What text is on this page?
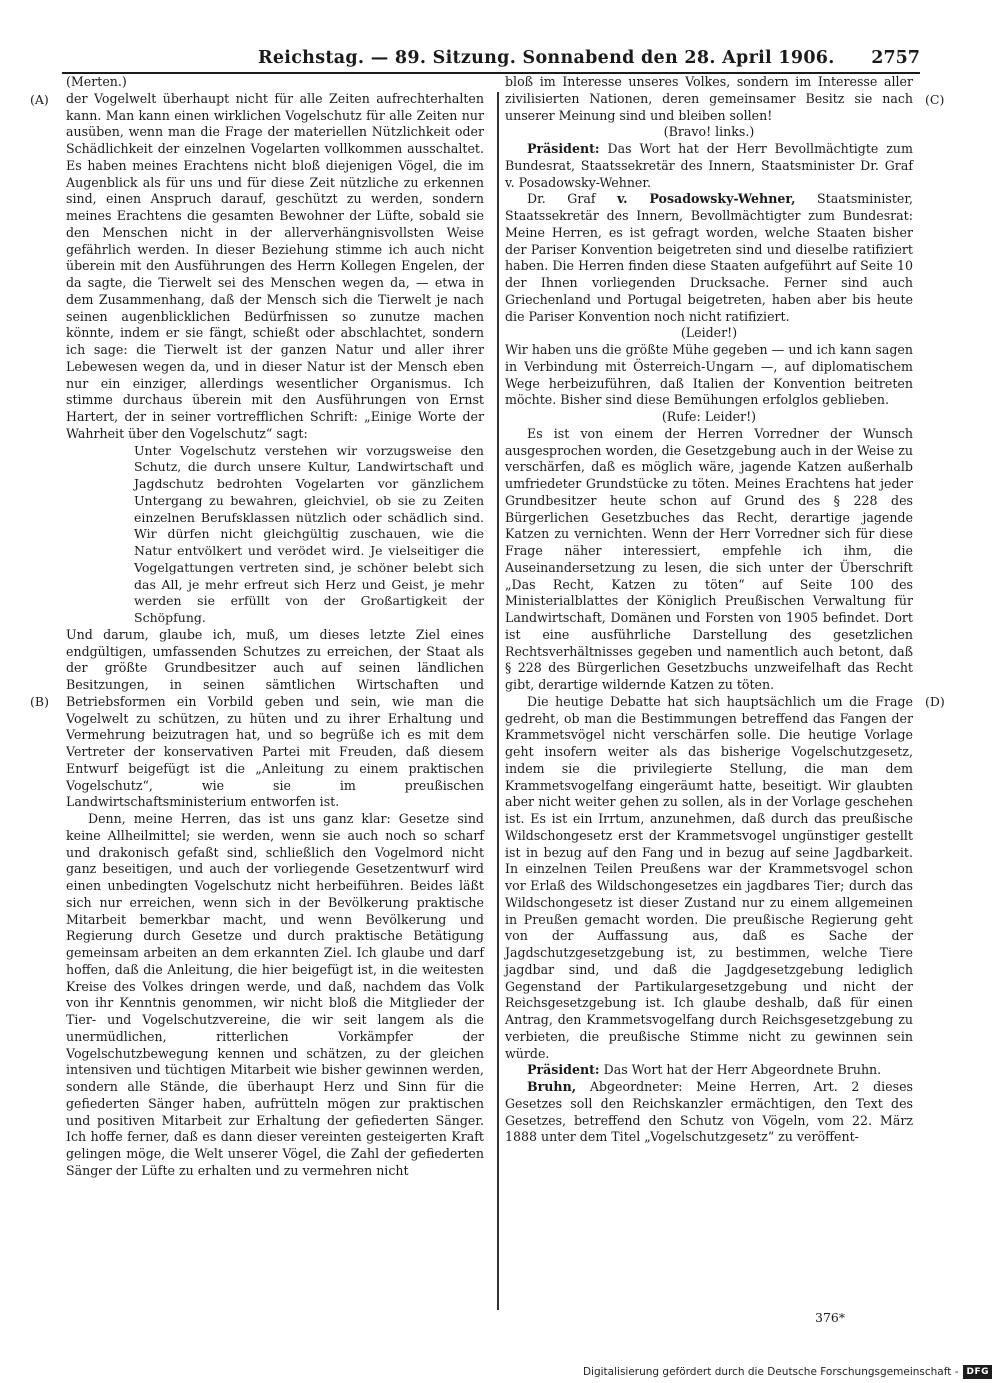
Reichstag. — 89. Sitzung. Sonnabend den 28. April 1906. 2757
(A)
(B)
(C)
(D)

(Merten.)

der Vogelwelt überhaupt nicht für alle Zeiten aufrechterhalten kann. Man kann einen wirklichen Vogelschutz für alle Zeiten nur ausüben, wenn man die Frage der materiellen Nützlichkeit oder Schädlichkeit der einzelnen Vogelarten vollkommen ausschaltet. Es haben meines Erachtens nicht bloß diejenigen Vögel, die im Augenblick als für uns und für diese Zeit nützliche zu erkennen sind, einen Anspruch darauf, geschützt zu werden, sondern meines Erachtens die gesamten Bewohner der Lüfte, sobald sie den Menschen nicht in der allerverhängnisvollsten Weise gefährlich werden. In dieser Beziehung stimme ich auch nicht überein mit den Ausführungen des Herrn Kollegen Engelen, der da sagte, die Tierwelt sei des Menschen wegen da, — etwa in dem Zusammenhang, daß der Mensch sich die Tierwelt je nach seinen augenblicklichen Bedürfnissen so zunutze machen könnte, indem er sie fängt, schießt oder abschlachtet, sondern ich sage: die Tierwelt ist der ganzen Natur und aller ihrer Lebewesen wegen da, und in dieser Natur ist der Mensch eben nur ein einziger, allerdings wesentlicher Organismus. Ich stimme durchaus überein mit den Ausführungen von Ernst Hartert, der in seiner vortrefflichen Schrift: „Einige Worte der Wahrheit über den Vogelschutz“ sagt:

Unter Vogelschutz verstehen wir vorzugsweise den Schutz, die durch unsere Kultur, Landwirtschaft und Jagdschutz bedrohten Vogelarten vor gänzlichem Untergang zu bewahren, gleichviel, ob sie zu Zeiten einzelnen Berufsklassen nützlich oder schädlich sind. Wir dürfen nicht gleichgültig zuschauen, wie die Natur entvölkert und verödet wird. Je vielseitiger die Vogelgattungen vertreten sind, je schöner belebt sich das All, je mehr erfreut sich Herz und Geist, je mehr werden sie erfüllt von der Großartigkeit der Schöpfung.

Und darum, glaube ich, muß, um dieses letzte Ziel eines endgültigen, umfassenden Schutzes zu erreichen, der Staat als der größte Grundbesitzer auch auf seinen ländlichen Besitzungen, in seinen sämtlichen Wirtschaften und Betriebsformen ein Vorbild geben und sein, wie man die Vogelwelt zu schützen, zu hüten und zu ihrer Erhaltung und Vermehrung beizutragen hat, und so begrüße ich es mit dem Vertreter der konservativen Partei mit Freuden, daß diesem Entwurf beigefügt ist die „Anleitung zu einem praktischen Vogelschutz“, wie sie im preußischen Landwirtschaftsministerium entworfen ist.

Denn, meine Herren, das ist uns ganz klar: Gesetze sind keine Allheilmittel; sie werden, wenn sie auch noch so scharf und drakonisch gefaßt sind, schließlich den Vogelmord nicht ganz beseitigen, und auch der vorliegende Gesetzentwurf wird einen unbedingten Vogelschutz nicht herbeiführen. Beides läßt sich nur erreichen, wenn sich in der Bevölkerung praktische Mitarbeit bemerkbar macht, und wenn Bevölkerung und Regierung durch Gesetze und durch praktische Betätigung gemeinsam arbeiten an dem erkannten Ziel. Ich glaube und darf hoffen, daß die Anleitung, die hier beigefügt ist, in die weitesten Kreise des Volkes dringen werde, und daß, nachdem das Volk von ihr Kenntnis genommen, wir nicht bloß die Mitglieder der Tier- und Vogelschutzvereine, die wir seit langem als die unermüdlichen, ritterlichen Vorkämpfer der Vogelschutzbewegung kennen und schätzen, zu der gleichen intensiven und tüchtigen Mitarbeit wie bisher gewinnen werden, sondern alle Stände, die überhaupt Herz und Sinn für die gefiederten Sänger haben, aufrütteln mögen zur praktischen und positiven Mitarbeit zur Erhaltung der gefiederten Sänger. Ich hoffe ferner, daß es dann dieser vereinten gesteigerten Kraft gelingen möge, die Welt unserer Vögel, die Zahl der gefiederten Sänger der Lüfte zu erhalten und zu vermehren nicht

bloß im Interesse unseres Volkes, sondern im Interesse aller zivilisierten Nationen, deren gemeinsamer Besitz sie nach unserer Meinung sind und bleiben sollen!

(Bravo! links.)

Präsident: Das Wort hat der Herr Bevollmächtigte zum Bundesrat, Staatssekretär des Innern, Staatsminister Dr. Graf v. Posadowsky-Wehner.

Dr. Graf v. Posadowsky-Wehner, Staatsminister, Staatssekretär des Innern, Bevollmächtigter zum Bundesrat: Meine Herren, es ist gefragt worden, welche Staaten bisher der Pariser Konvention beigetreten sind und dieselbe ratifiziert haben. Die Herren finden diese Staaten aufgeführt auf Seite 10 der Ihnen vorliegenden Drucksache. Ferner sind auch Griechenland und Portugal beigetreten, haben aber bis heute die Pariser Konvention noch nicht ratifiziert.

(Leider!)

Wir haben uns die größte Mühe gegeben — und ich kann sagen in Verbindung mit Österreich-Ungarn —, auf diplomatischem Wege herbeizuführen, daß Italien der Konvention beitreten möchte. Bisher sind diese Bemühungen erfolglos geblieben.

(Rufe: Leider!)

Es ist von einem der Herren Vorredner der Wunsch ausgesprochen worden, die Gesetzgebung auch in der Weise zu verschärfen, daß es möglich wäre, jagende Katzen außerhalb umfriedeter Grundstücke zu töten. Meines Erachtens hat jeder Grundbesitzer heute schon auf Grund des § 228 des Bürgerlichen Gesetzbuches das Recht, derartige jagende Katzen zu vernichten. Wenn der Herr Vorredner sich für diese Frage näher interessiert, empfehle ich ihm, die Auseinandersetzung zu lesen, die sich unter der Überschrift „Das Recht, Katzen zu töten“ auf Seite 100 des Ministerialblattes der Königlich Preußischen Verwaltung für Landwirtschaft, Domänen und Forsten von 1905 befindet. Dort ist eine ausführliche Darstellung des gesetzlichen Rechtsverhältnisses gegeben und namentlich auch betont, daß § 228 des Bürgerlichen Gesetzbuchs unzweifelhaft das Recht gibt, derartige wildernde Katzen zu töten.

Die heutige Debatte hat sich hauptsächlich um die Frage gedreht, ob man die Bestimmungen betreffend das Fangen der Krammetsvögel nicht verschärfen solle. Die heutige Vorlage geht insofern weiter als das bisherige Vogelschutzgesetz, indem sie die privilegierte Stellung, die man dem Krammetsvogelfang eingeräumt hatte, beseitigt. Wir glaubten aber nicht weiter gehen zu sollen, als in der Vorlage geschehen ist. Es ist ein Irrtum, anzunehmen, daß durch das preußische Wildschongesetz erst der Krammetsvogel ungünstiger gestellt ist in bezug auf den Fang und in bezug auf seine Jagdbarkeit. In einzelnen Teilen Preußens war der Krammetsvogel schon vor Erlaß des Wildschongesetzes ein jagdbares Tier; durch das Wildschongesetz ist dieser Zustand nur zu einem allgemeinen in Preußen gemacht worden. Die preußische Regierung geht von der Auffassung aus, daß es Sache der Jagdschutzgesetzgebung ist, zu bestimmen, welche Tiere jagdbar sind, und daß die Jagdgesetzgebung lediglich Gegenstand der Partikulargesetzgebung und nicht der Reichsgesetzgebung ist. Ich glaube deshalb, daß für einen Antrag, den Krammetsvogelfang durch Reichsgesetzgebung zu verbieten, die preußische Stimme nicht zu gewinnen sein würde.

Präsident: Das Wort hat der Herr Abgeordnete Bruhn.

Bruhn, Abgeordneter: Meine Herren, Art. 2 dieses Gesetzes soll den Reichskanzler ermächtigen, den Text des Gesetzes, betreffend den Schutz von Vögeln, vom 22. März 1888 unter dem Titel „Vogelschutzgesetz“ zu veröffent-

376*
Digitalisierung gefördert durch die Deutsche Forschungsgemeinschaft - DFG
